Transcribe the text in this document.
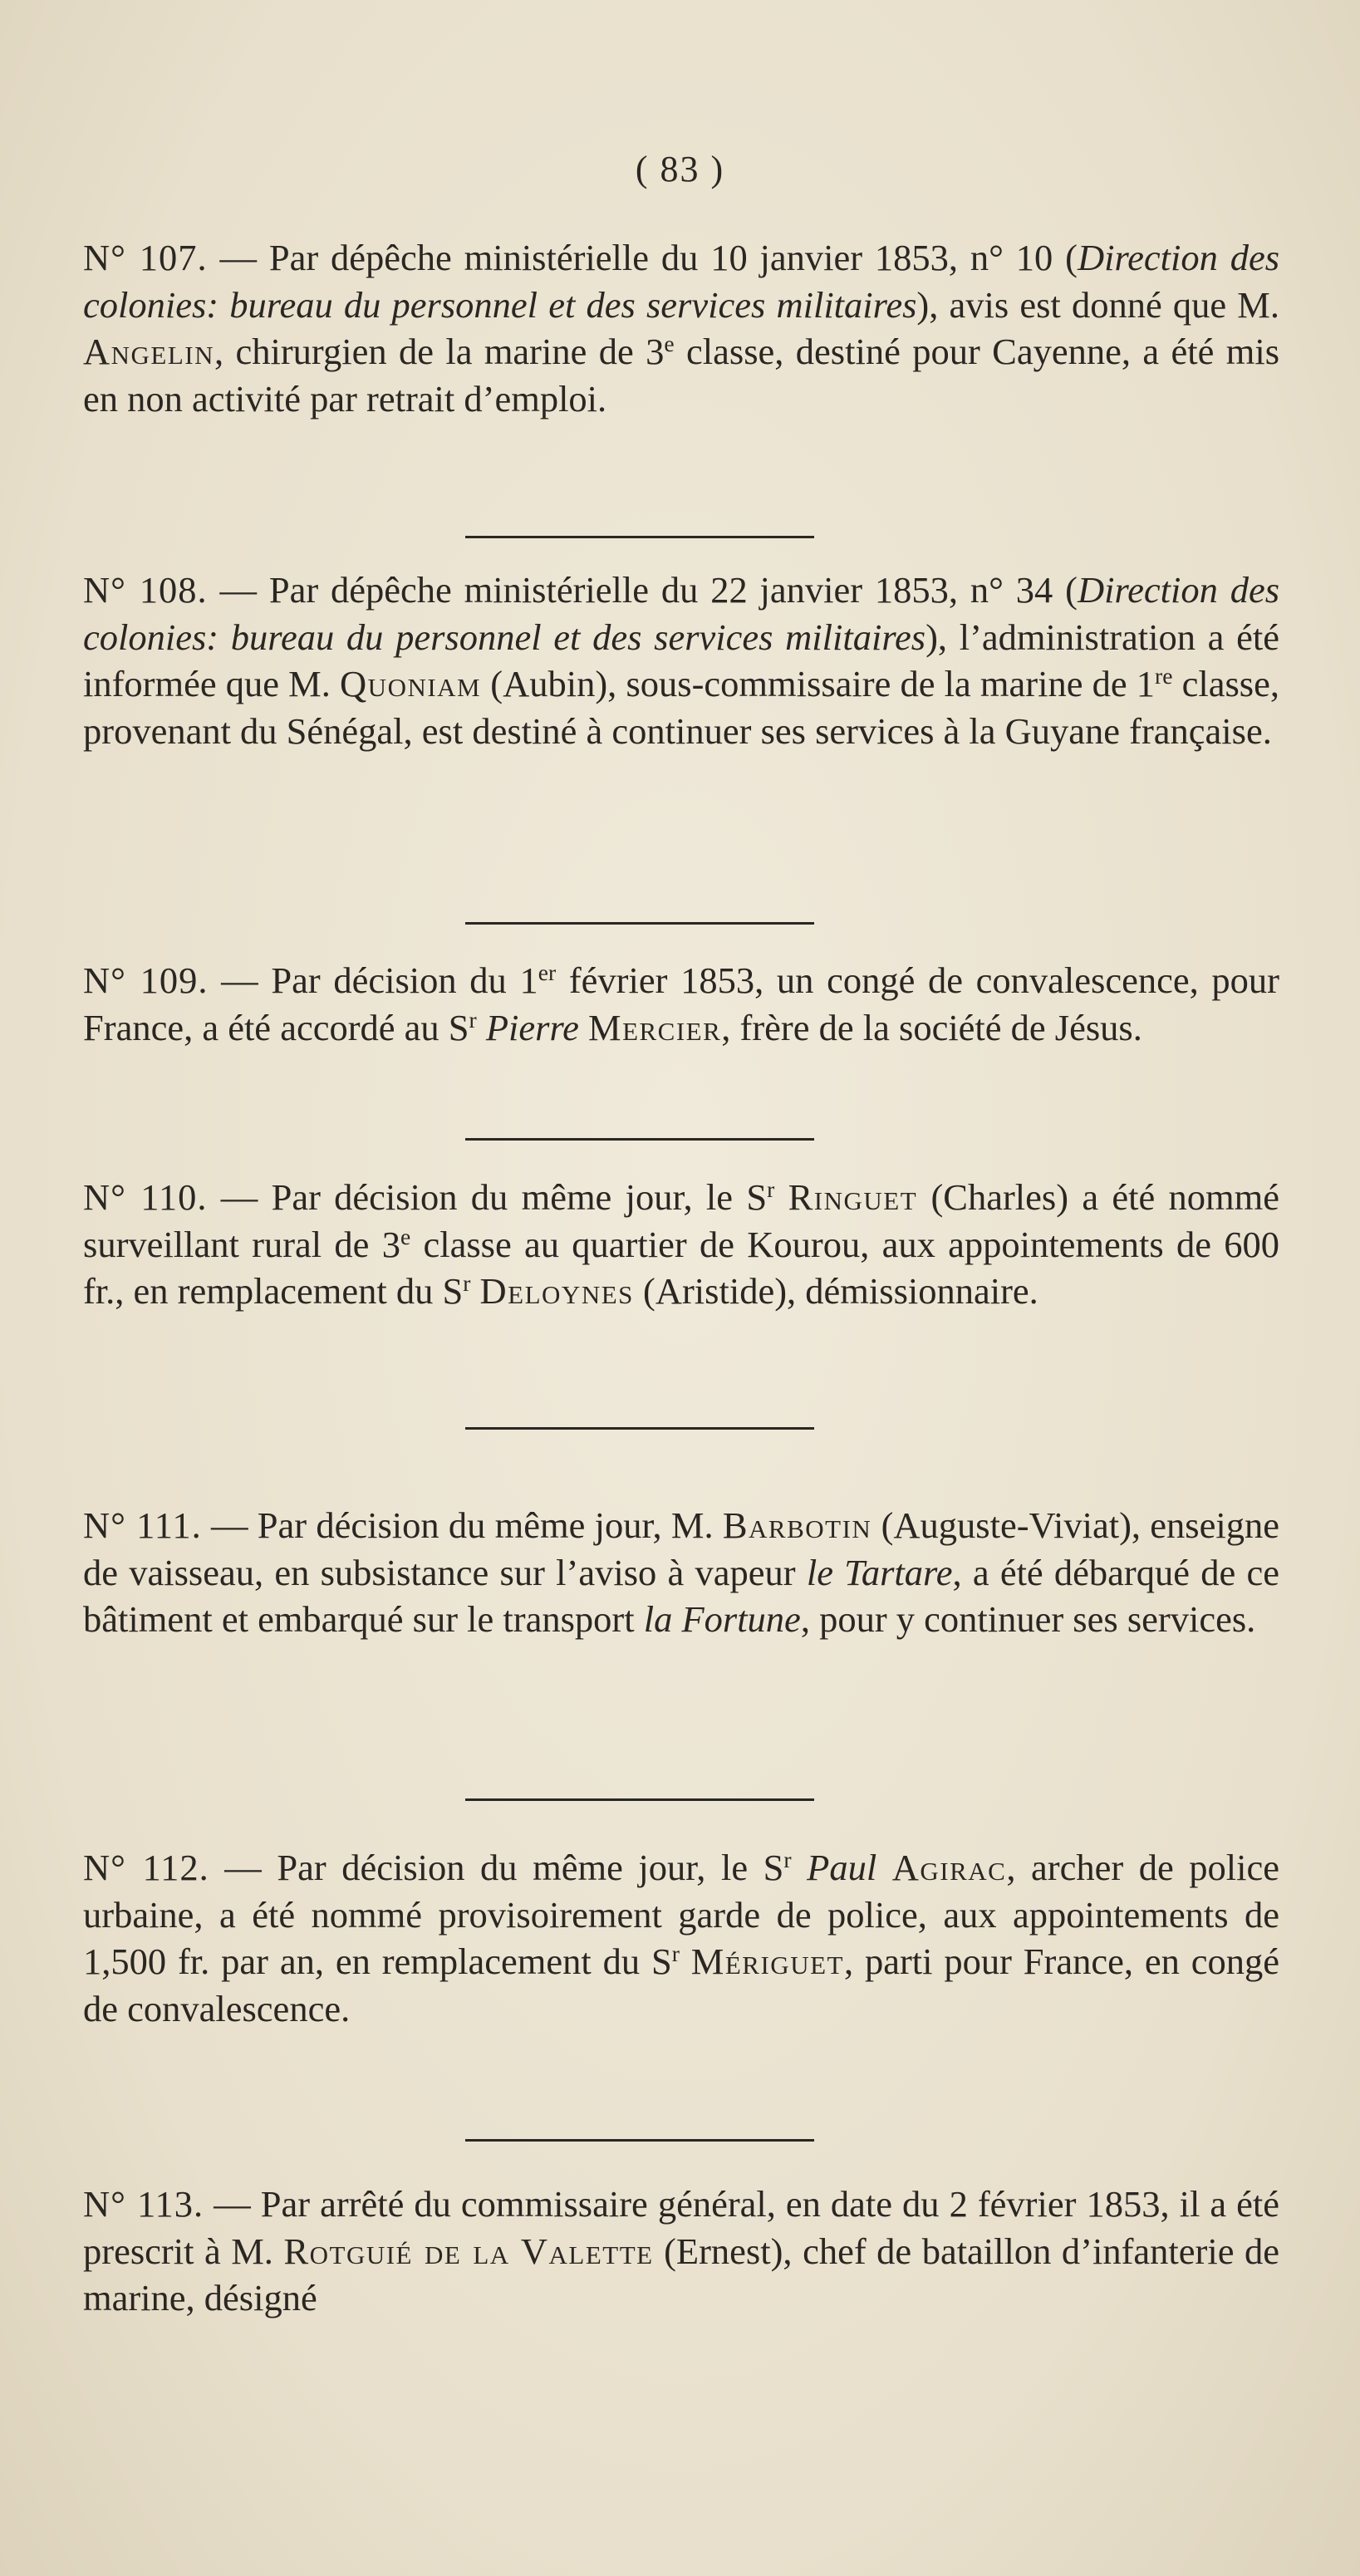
( 83 )
N° 107. — Par dépêche ministérielle du 10 janvier 1853, n° 10 (Direction des colonies: bureau du personnel et des services militaires), avis est donné que M. Angelin, chirurgien de la marine de 3e classe, destiné pour Cayenne, a été mis en non activité par retrait d’emploi.
N° 108. — Par dépêche ministérielle du 22 janvier 1853, n° 34 (Direction des colonies: bureau du personnel et des services militaires), l’administration a été informée que M. Quoniam (Aubin), sous-commissaire de la marine de 1re classe, provenant du Sénégal, est destiné à continuer ses services à la Guyane française.
N° 109. — Par décision du 1er février 1853, un congé de convalescence, pour France, a été accordé au $S^r$ Pierre Mercier, frère de la société de Jésus.
N° 110. — Par décision du même jour, le $S^r$ Ringuet (Charles) a été nommé surveillant rural de 3e classe au quartier de Kourou, aux appointements de 600 fr., en remplacement du $S^r$ Deloynes (Aristide), démissionnaire.
N° 111. — Par décision du même jour, M. Barbotin (Auguste-Viviat), enseigne de vaisseau, en subsistance sur l’aviso à vapeur le Tartare, a été débarqué de ce bâtiment et embarqué sur le transport la Fortune, pour y continuer ses services.
N° 112. — Par décision du même jour, le $S^r$ Paul Agirac, archer de police urbaine, a été nommé provisoirement garde de police, aux appointements de 1,500 fr. par an, en remplacement du $S^r$ Mériguet, parti pour France, en congé de convalescence.
N° 113. — Par arrêté du commissaire général, en date du 2 février 1853, il a été prescrit à M. Rotguié de la Valette (Ernest), chef de bataillon d’infanterie de marine, désigné
